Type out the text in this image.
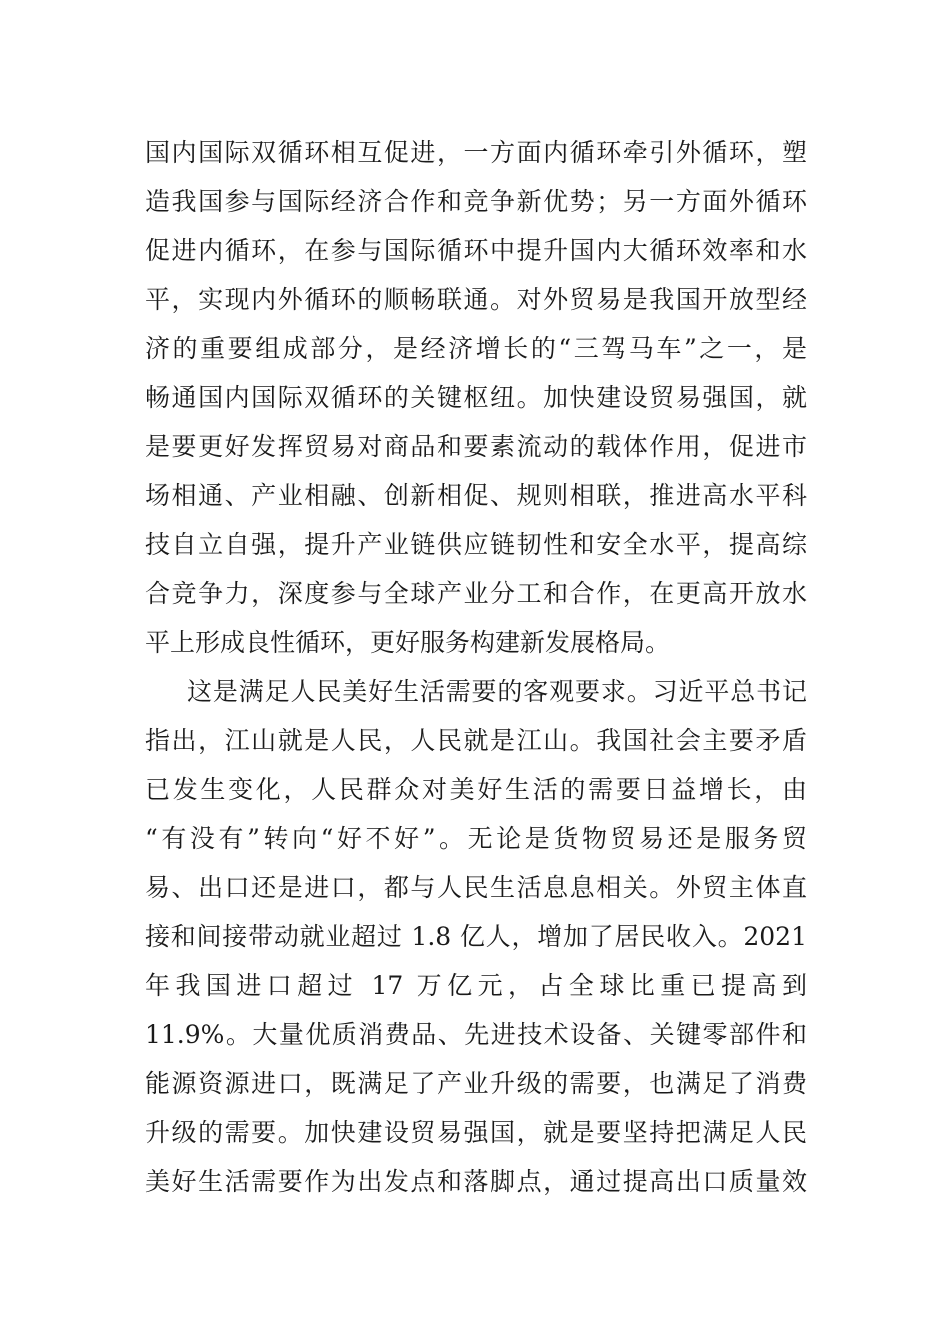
国内国际双循环相互促进，一方面内循环牵引外循环，塑
造我国参与国际经济合作和竞争新优势；另一方面外循环
促进内循环，在参与国际循环中提升国内大循环效率和水
平，实现内外循环的顺畅联通。对外贸易是我国开放型经
济的重要组成部分，是经济增长的“三驾马车”之一，是
畅通国内国际双循环的关键枢纽。加快建设贸易强国，就
是要更好发挥贸易对商品和要素流动的载体作用，促进市
场相通、产业相融、创新相促、规则相联，推进高水平科
技自立自强，提升产业链供应链韧性和安全水平，提高综
合竞争力，深度参与全球产业分工和合作，在更高开放水
平上形成良性循环，更好服务构建新发展格局。
这是满足人民美好生活需要的客观要求。习近平总书记
指出，江山就是人民，人民就是江山。我国社会主要矛盾
已发生变化，人民群众对美好生活的需要日益增长，由
“有没有”转向“好不好”。无论是货物贸易还是服务贸
易、出口还是进口，都与人民生活息息相关。外贸主体直
接和间接带动就业超过 1.8 亿人，增加了居民收入。2021
年我国进口超过 17 万亿元，占全球比重已提高到
11.9%。大量优质消费品、先进技术设备、关键零部件和
能源资源进口，既满足了产业升级的需要，也满足了消费
升级的需要。加快建设贸易强国，就是要坚持把满足人民
美好生活需要作为出发点和落脚点，通过提高出口质量效
